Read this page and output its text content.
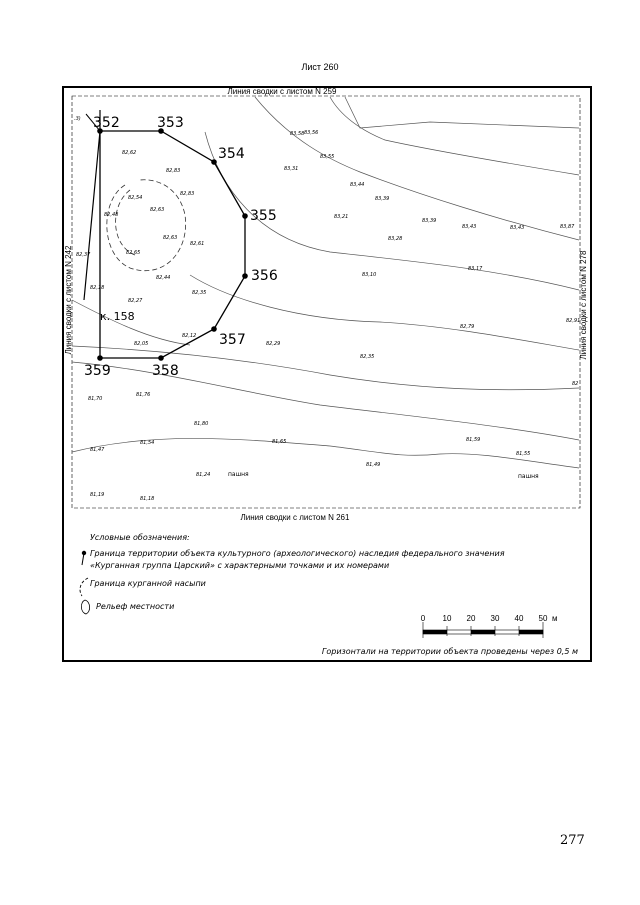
Лист 260
352	353
354
355
356
357
358
359
к. 158
.3)
83,58 83,56
83,55
83,31
82,62
82,83
83,44
83,39
82,54
82,63
82,83
82,48	83,21
83,39
83,43	83,43	83,87
82,63
82,61
83,28
82,65
82,37
83,10
83,17
82,44
82,18
82,35
82,27
82,79
82,91
82,12
82,05	82,29
82,35
82
81,70
81,76
81,80
81,54	81,65	81,59
81,47
81,55
81,49
81,24
81,19
81,18
пашня	пашня
Линия сводки с листом N 259
Линия сводки с листом N 261
Линия сводки с листом N 242	Линия сводки с листом N 278
Условные обозначения:
Граница территории объекта культурного (археологического) наследия федерального значения
«Курганная группа Царский» с характерными точками и их номерами
Граница курганной насыпи
Рельеф местности
0 10 20 30 40 50 м
Горизонтали на территории объекта проведены через 0,5 м
277
